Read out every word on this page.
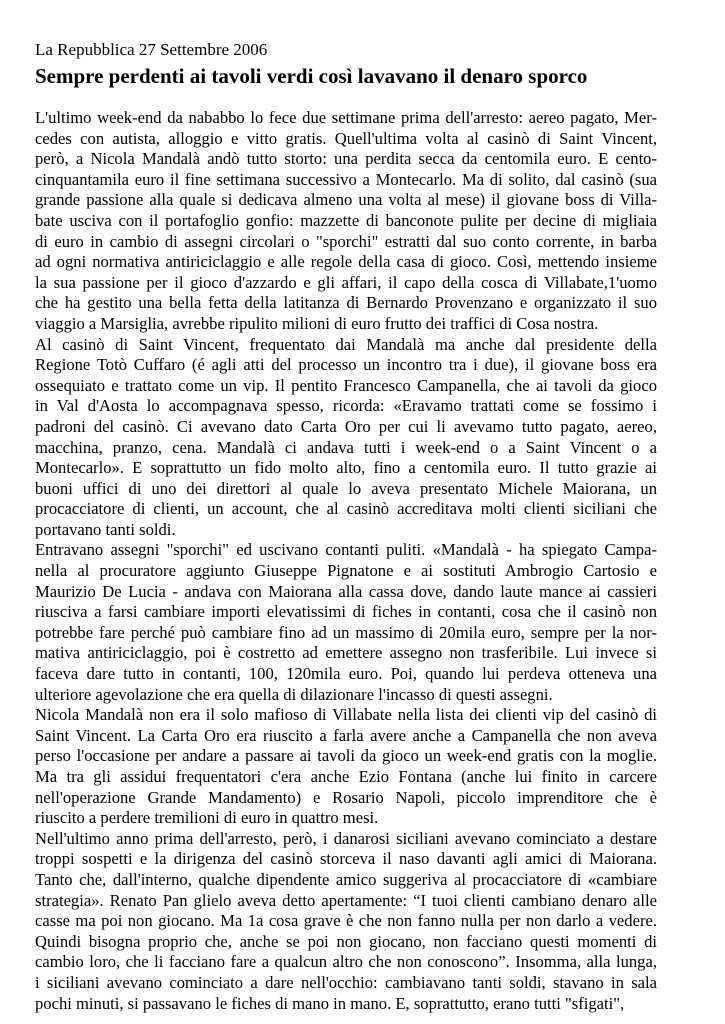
La Repubblica 27 Settembre 2006
Sempre perdenti ai tavoli verdi così lavavano il denaro sporco

L'ultimo week-end da nababbo lo fece due settimane prima dell'arresto: aereo pagato, Mer-
cedes con autista, alloggio e vitto gratis. Quell'ultima volta al casinò di Saint Vincent,
però, a Nicola Mandalà andò tutto storto: una perdita secca da centomila euro. E cento-
cinquantamila euro il fine settimana successivo a Montecarlo. Ma di solito, dal casinò (sua
grande passione alla quale si dedicava almeno una volta al mese) il giovane boss di Villa-
bate usciva con il portafoglio gonfio: mazzette di banconote pulite per decine di migliaia
di euro in cambio di assegni circolari o "sporchi" estratti dal suo conto corrente, in barba
ad ogni normativa antiriciclaggio e alle regole della casa di gioco. Così, mettendo insieme
la sua passione per il gioco d'azzardo e gli affari, il capo della cosca di Villabate,1'uomo
che ha gestito una bella fetta della latitanza di Bernardo Provenzano e organizzato il suo
viaggio a Marsiglia, avrebbe ripulito milioni di euro frutto dei traffici di Cosa nostra.

Al casinò di Saint Vincent, frequentato dai Mandalà ma anche dal presidente della
Regione Totò Cuffaro (é agli atti del processo un incontro tra i due), il giovane boss era
ossequiato e trattato come un vip. Il pentito Francesco Campanella, che ai tavoli da gioco
in Val d'Aosta lo accompagnava spesso, ricorda: «Eravamo trattati come se fossimo i
padroni del casinò. Ci avevano dato Carta Oro per cui li avevamo tutto pagato, aereo,
macchina, pranzo, cena. Mandalà ci andava tutti i week-end o a Saint Vincent o a
Montecarlo». E soprattutto un fido molto alto, fino a centomila euro. Il tutto grazie ai
buoni uffici di uno dei direttori al quale lo aveva presentato Michele Maiorana, un
procacciatore di clienti, un account, che al casinò accreditava molti clienti siciliani che
portavano tanti soldi.

Entravano assegni "sporchi" ed uscivano contanti puliti. «Mandalà - ha spiegato Campa-
nella al procuratore aggiunto Giuseppe Pignatone e ai sostituti Ambrogio Cartosio e
Maurizio De Lucia - andava con Maiorana alla cassa dove, dando laute mance ai cassieri
riusciva a farsi cambiare importi elevatissimi di fiches in contanti, cosa che il casinò non
potrebbe fare perché può cambiare fino ad un massimo di 20mila euro, sempre per la nor-
mativa antiriciclaggio, poi è costretto ad emettere assegno non trasferibile. Lui invece si
faceva dare tutto in contanti, 100, 120mila euro. Poi, quando lui perdeva otteneva una
ulteriore agevolazione che era quella di dilazionare l'incasso di questi assegni.

Nicola Mandalà non era il solo mafioso di Villabate nella lista dei clienti vip del casinò di
Saint Vincent. La Carta Oro era riuscito a farla avere anche a Campanella che non aveva
perso l'occasione per andare a passare ai tavoli da gioco un week-end gratis con la moglie.
Ma tra gli assidui frequentatori c'era anche Ezio Fontana (anche lui finito in carcere
nell'operazione Grande Mandamento) e Rosario Napoli, piccolo imprenditore che è
riuscito a perdere tremilioni di euro in quattro mesi.

Nell'ultimo anno prima dell'arresto, però, i danarosi siciliani avevano cominciato a destare
troppi sospetti e la dirigenza del casinò storceva il naso davanti agli amici di Maiorana.
Tanto che, dall'interno, qualche dipendente amico suggeriva al procacciatore di «cambiare
strategia». Renato Pan glielo aveva detto apertamente: “I tuoi clienti cambiano denaro alle
casse ma poi non giocano. Ma 1a cosa grave è che non fanno nulla per non darlo a vedere.
Quindi bisogna proprio che, anche se poi non giocano, non facciano questi momenti di
cambio loro, che li facciano fare a qualcun altro che non conoscono”. Insomma, alla lunga,
i siciliani avevano cominciato a dare nell'occhio: cambiavano tanti soldi, stavano in sala
pochi minuti, si passavano le fiches di mano in mano. E, soprattutto, erano tutti "sfigati",
